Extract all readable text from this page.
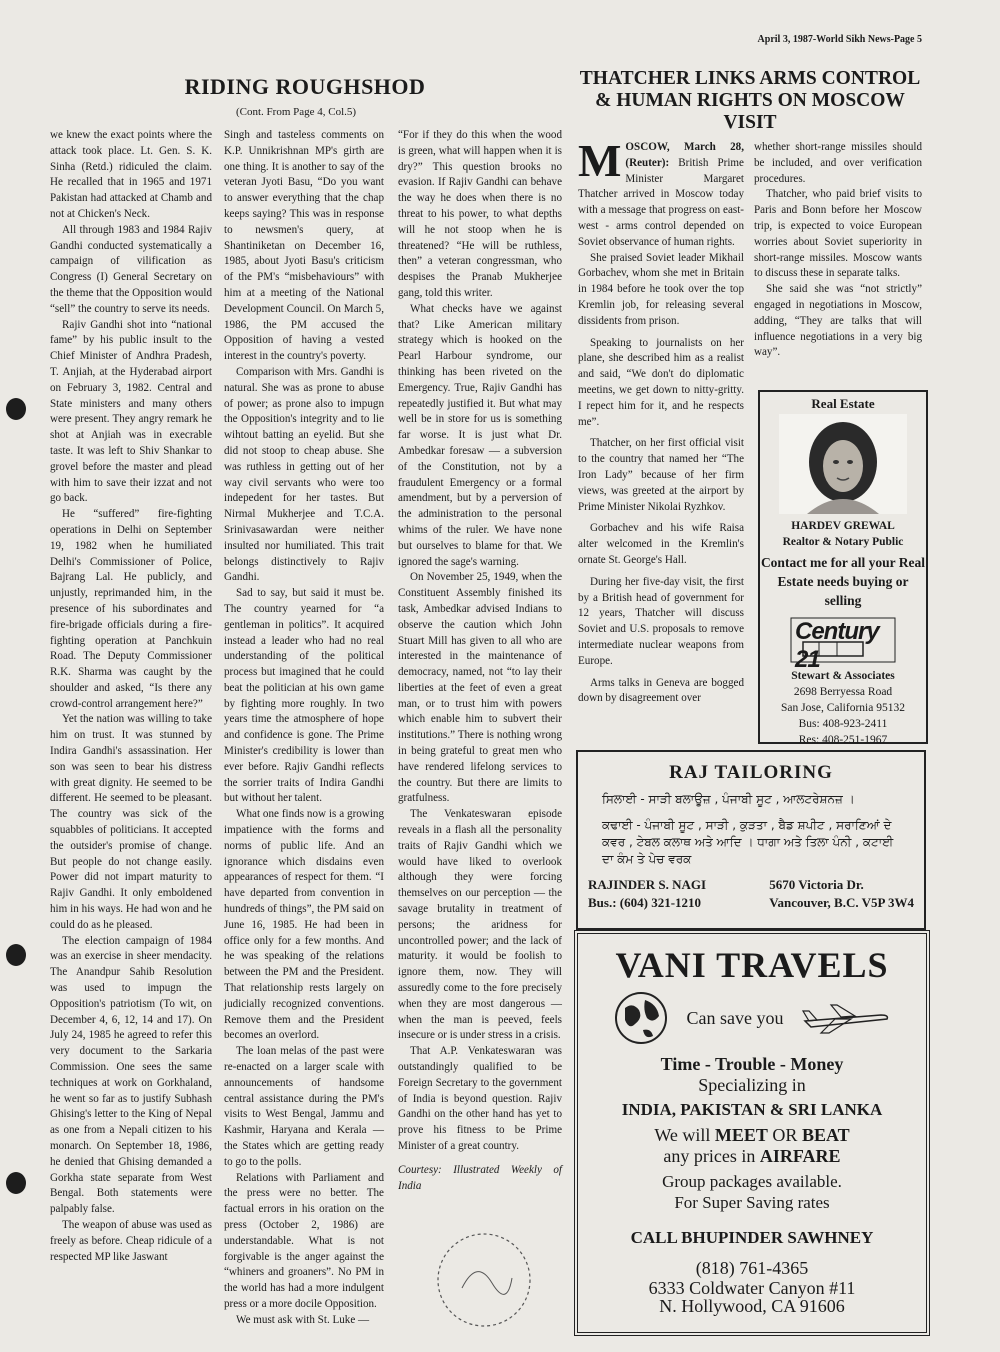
April 3, 1987-World Sikh News-Page 5
RIDING ROUGHSHOD
(Cont. From Page 4, Col.5)

we knew the exact points where the attack took place. Lt. Gen. S. K. Sinha (Retd.) ridiculed the claim. He recalled that in 1965 and 1971 Pakistan had attacked at Chamb and not at Chicken's Neck.

All through 1983 and 1984 Rajiv Gandhi conducted systematically a campaign of vilification as Congress (I) General Secretary on the theme that the Opposition would “sell” the country to serve its needs.

Rajiv Gandhi shot into “national fame” by his public insult to the Chief Minister of Andhra Pradesh, T. Anjiah, at the Hyderabad airport on February 3, 1982. Central and State ministers and many others were present. They angry remark he shot at Anjiah was in execrable taste. It was left to Shiv Shankar to grovel before the master and plead with him to save their izzat and not go back.

He “suffered” fire-fighting operations in Delhi on September 19, 1982 when he humiliated Delhi's Commissioner of Police, Bajrang Lal. He publicly, and unjustly, reprimanded him, in the presence of his subordinates and fire-brigade officials during a fire-fighting operation at Panchkuin Road. The Deputy Commissioner R.K. Sharma was caught by the shoulder and asked, “Is there any crowd-control arrangement here?”

Yet the nation was willing to take him on trust. It was stunned by Indira Gandhi's assassination. Her son was seen to bear his distress with great dignity. He seemed to be different. He seemed to be pleasant. The country was sick of the squabbles of politicians. It accepted the outsider's promise of change. But people do not change easily. Power did not impart maturity to Rajiv Gandhi. It only emboldened him in his ways. He had won and he could do as he pleased.

The election campaign of 1984 was an exercise in sheer mendacity. The Anandpur Sahib Resolution was used to impugn the Opposition's patriotism (To wit, on December 4, 6, 12, 14 and 17). On July 24, 1985 he agreed to refer this very document to the Sarkaria Commission. One sees the same techniques at work on Gorkhaland, he went so far as to justify Subhash Ghising's letter to the King of Nepal as one from a Nepali citizen to his monarch. On September 18, 1986, he denied that Ghising demanded a Gorkha state separate from West Bengal. Both statements were palpably false.

The weapon of abuse was used as freely as before. Cheap ridicule of a respected MP like Jaswant

Singh and tasteless comments on K.P. Unnikrishnan MP's girth are one thing. It is another to say of the veteran Jyoti Basu, “Do you want to answer everything that the chap keeps saying? This was in response to newsmen's query, at Shantiniketan on December 16, 1985, about Jyoti Basu's criticism of the PM's “misbehaviours” with him at a meeting of the National Development Council. On March 5, 1986, the PM accused the Opposition of having a vested interest in the country's poverty.

Comparison with Mrs. Gandhi is natural. She was as prone to abuse of power; as prone also to impugn the Opposition's integrity and to lie wihtout batting an eyelid. But she did not stoop to cheap abuse. She was ruthless in getting out of her way civil servants who were too indepedent for her tastes. But Nirmal Mukherjee and T.C.A. Srinivasawardan were neither insulted nor humiliated. This trait belongs distinctively to Rajiv Gandhi.

Sad to say, but said it must be. The country yearned for “a gentleman in politics”. It acquired instead a leader who had no real understanding of the political process but imagined that he could beat the politician at his own game by fighting more roughly. In two years time the atmosphere of hope and confidence is gone. The Prime Minister's credibility is lower than ever before. Rajiv Gandhi reflects the sorrier traits of Indira Gandhi but without her talent.

What one finds now is a growing impatience with the forms and norms of public life. And an ignorance which disdains even appearances of respect for them. “I have departed from convention in hundreds of things”, the PM said on June 16, 1985. He had been in office only for a few months. And he was speaking of the relations between the PM and the President. That relationship rests largely on judicially recognized conventions. Remove them and the President becomes an overlord.

The loan melas of the past were re-enacted on a larger scale with announcements of handsome central assistance during the PM's visits to West Bengal, Jammu and Kashmir, Haryana and Kerala — the States which are getting ready to go to the polls.

Relations with Parliament and the press were no better. The factual errors in his oration on the press (October 2, 1986) are understandable. What is not forgivable is the anger against the “whiners and groaners”. No PM in the world has had a more indulgent press or a more docile Opposition.

We must ask with St. Luke —

“For if they do this when the wood is green, what will happen when it is dry?” This question brooks no evasion. If Rajiv Gandhi can behave the way he does when there is no threat to his power, to what depths will he not stoop when he is threatened? “He will be ruthless, then” a veteran congressman, who despises the Pranab Mukherjee gang, told this writer.

What checks have we against that? Like American military strategy which is hooked on the Pearl Harbour syndrome, our thinking has been riveted on the Emergency. True, Rajiv Gandhi has repeatedly justified it. But what may well be in store for us is something far worse. It is just what Dr. Ambedkar foresaw — a subversion of the Constitution, not by a fraudulent Emergency or a formal amendment, but by a perversion of the administration to the personal whims of the ruler. We have none but ourselves to blame for that. We ignored the sage's warning.

On November 25, 1949, when the Constituent Assembly finished its task, Ambedkar advised Indians to observe the caution which John Stuart Mill has given to all who are interested in the maintenance of democracy, named, not “to lay their liberties at the feet of even a great man, or to trust him with powers which enable him to subvert their institutions.” There is nothing wrong in being grateful to great men who have rendered lifelong services to the country. But there are limits to gratfulness.

The Venkateswaran episode reveals in a flash all the personality traits of Rajiv Gandhi which we would have liked to overlook although they were forcing themselves on our perception — the savage brutality in treatment of persons; the aridness for uncontrolled power; and the lack of maturity. it would be foolish to ignore them, now. They will assuredly come to the fore precisely when they are most dangerous — when the man is peeved, feels insecure or is under stress in a crisis.

That A.P. Venkateswaran was outstandingly qualified to be Foreign Secretary to the government of India is beyond question. Rajiv Gandhi on the other hand has yet to prove his fitness to be Prime Minister of a great country.

Courtesy: Illustrated Weekly of India

THATCHER LINKS ARMS CONTROL & HUMAN RIGHTS ON MOSCOW VISIT

MOSCOW, March 28, (Reuter): British Prime Minister Margaret Thatcher arrived in Moscow today with a message that progress on east-west - arms control depended on Soviet observance of human rights.

She praised Soviet leader Mikhail Gorbachev, whom she met in Britain in 1984 before he took over the top Kremlin job, for releasing several dissidents from prison.

Speaking to journalists on her plane, she described him as a realist and said, “We don't do diplomatic meetins, we get down to nitty-gritty. I repect him for it, and he respects me”.

Thatcher, on her first official visit to the country that named her “The Iron Lady” because of her firm views, was greeted at the airport by Prime Minister Nikolai Ryzhkov.

Gorbachev and his wife Raisa alter welcomed in the Kremlin's ornate St. George's Hall.

During her five-day visit, the first by a British head of government for 12 years, Thatcher will discuss Soviet and U.S. proposals to remove intermediate nuclear weapons from Europe.

Arms talks in Geneva are bogged down by disagreement over

whether short-range missiles should be included, and over verification procedures.

Thatcher, who paid brief visits to Paris and Bonn before her Moscow trip, is expected to voice European worries about Soviet superiority in short-range missiles. Moscow wants to discuss these in separate talks.

She said she was “not strictly” engaged in negotiations in Moscow, adding, “They are talks that will influence negotiations in a very big way”.

Real Estate
HARDEV GREWAL
Realtor & Notary Public
Contact me for all your Real Estate needs buying or selling
Century 21
Stewart & Associates
2698 Berryessa Road
San Jose, California 95132
Bus: 408-923-2411
Res: 408-251-1967
RAJ TAILORING
ਸਿਲਾਈ - ਸਾੜੀ ਬਲਾਊਜ਼ , ਪੰਜਾਬੀ ਸੂਟ , ਆਲਟਰੇਸ਼ਨਜ਼ ।
ਕਢਾਈ - ਪੰਜਾਬੀ ਸੂਟ , ਸਾੜੀ , ਕੁੜਤਾ , ਬੈਡ ਸ਼ਪੀਟ , ਸਰਾਣਿਆਂ ਦੇ ਕਵਰ , ਟੇਬਲ ਕਲਾਥ ਅਤੇ ਆਦਿ । ਧਾਗਾ ਅਤੇ ਤਿਲਾ ਪੰਨੀ , ਕਟਾਈ ਦਾ ਕੰਮ ਤੇ ਪੇਚ ਵਰਕ
RAJINDER S. NAGI
Bus.: (604) 321-1210
5670 Victoria Dr.
Vancouver, B.C. V5P 3W4
VANI TRAVELS
Can save you
Time - Trouble - Money
Specializing in
INDIA, PAKISTAN & SRI LANKA
We will MEET OR BEAT
any prices in AIRFARE
Group packages available.
For Super Saving rates
CALL BHUPINDER SAWHNEY
(818) 761-4365
6333 Coldwater Canyon #11
N. Hollywood, CA 91606
